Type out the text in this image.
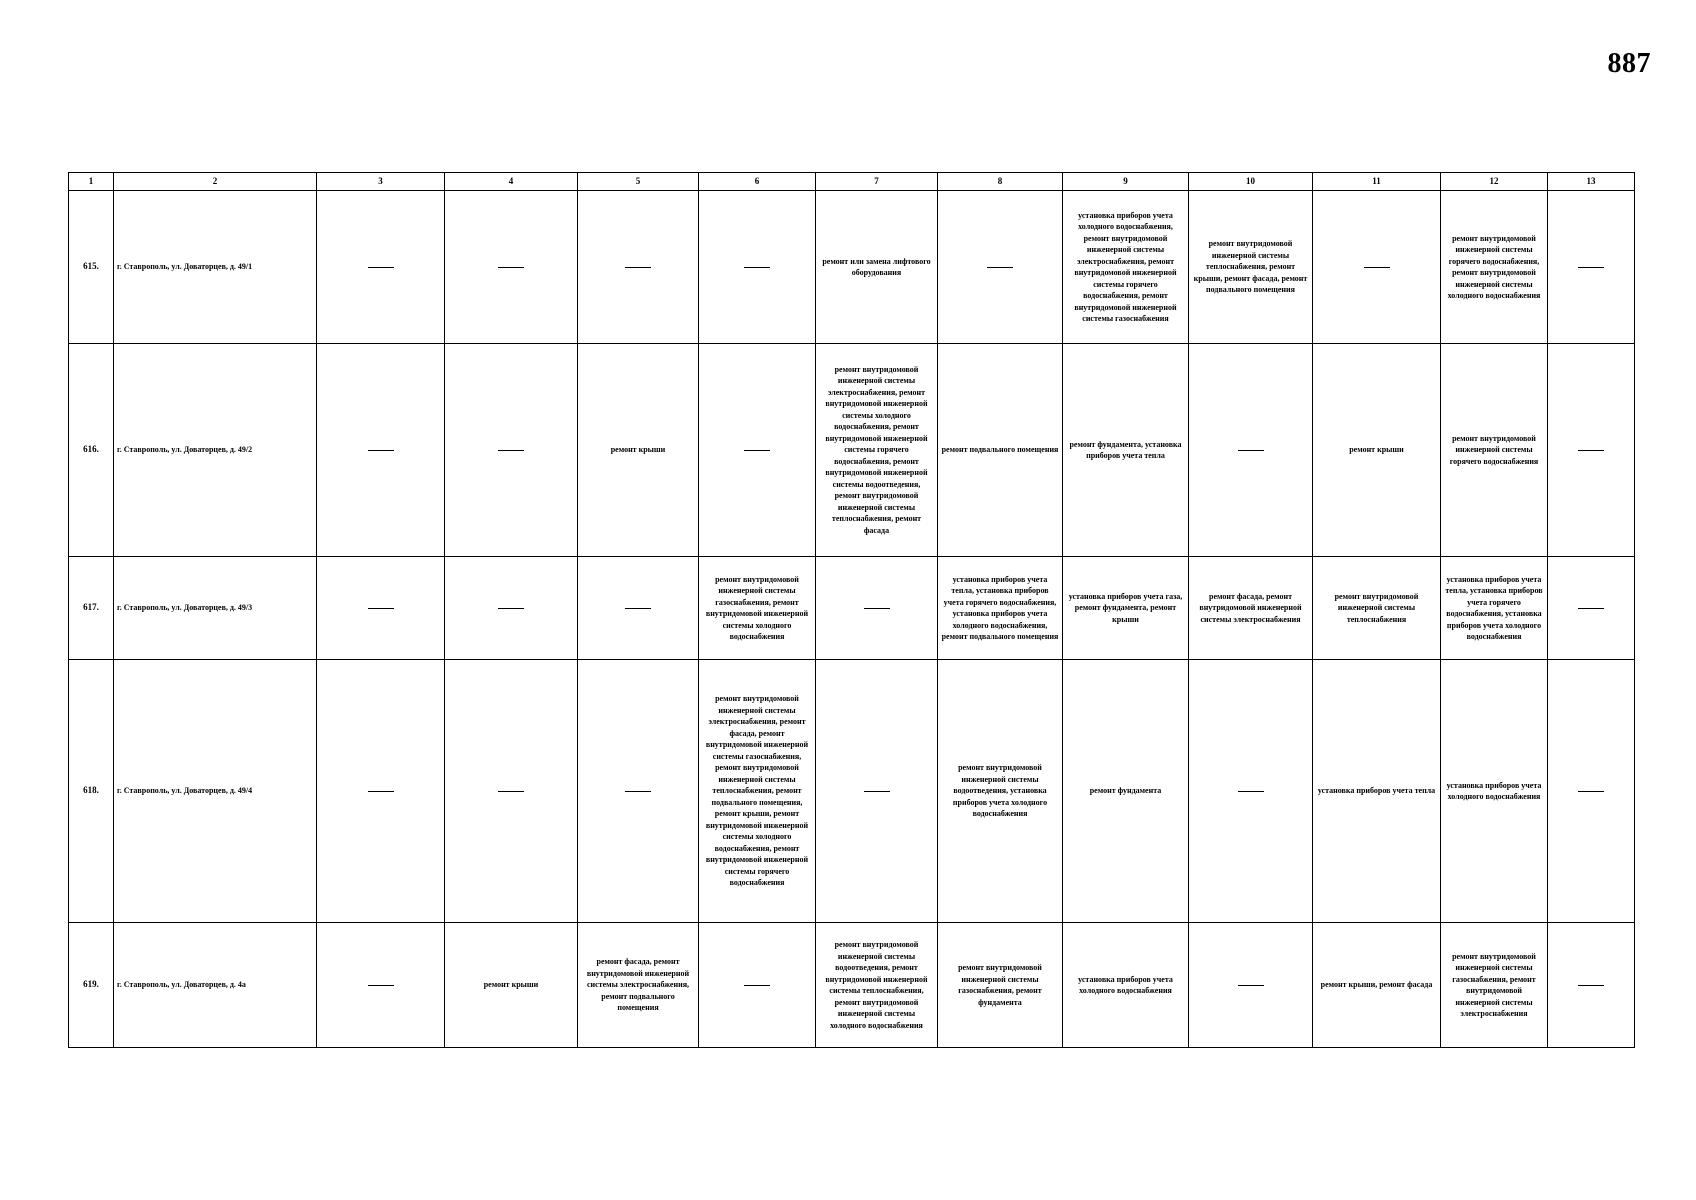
887
1	2	3	4	5	6	7	8	9	10	11	12	13
615.	г. Ставрополь, ул. Доваторцев, д. 49/1					ремонт или замена лифтового оборудования		установка приборов учета холодного водоснабжения, ремонт внутридомовой инженерной системы электроснабжения, ремонт внутридомовой инженерной системы горячего водоснабжения, ремонт внутридомовой инженерной системы газоснабжения	ремонт внутридомовой инженерной системы теплоснабжения, ремонт крыши, ремонт фасада, ремонт подвального помещения		ремонт внутридомовой инженерной системы горячего водоснабжения, ремонт внутридомовой инженерной системы холодного водоснабжения	
616.	г. Ставрополь, ул. Доваторцев, д. 49/2			ремонт крыши		ремонт внутридомовой инженерной системы электроснабжения, ремонт внутридомовой инженерной системы холодного водоснабжения, ремонт внутридомовой инженерной системы горячего водоснабжения, ремонт внутридомовой инженерной системы водоотведения, ремонт внутридомовой инженерной системы теплоснабжения, ремонт фасада	ремонт подвального помещения	ремонт фундамента, установка приборов учета тепла		ремонт крыши	ремонт внутридомовой инженерной системы горячего водоснабжения	
617.	г. Ставрополь, ул. Доваторцев, д. 49/3				ремонт внутридомовой инженерной системы газоснабжения, ремонт внутридомовой инженерной системы холодного водоснабжения		установка приборов учета тепла, установка приборов учета горячего водоснабжения, установка приборов учета холодного водоснабжения, ремонт подвального помещения	установка приборов учета газа, ремонт фундамента, ремонт крыши	ремонт фасада, ремонт внутридомовой инженерной системы электроснабжения	ремонт внутридомовой инженерной системы теплоснабжения	установка приборов учета тепла, установка приборов учета горячего водоснабжения, установка приборов учета холодного водоснабжения	
618.	г. Ставрополь, ул. Доваторцев, д. 49/4				ремонт внутридомовой инженерной системы электроснабжения, ремонт фасада, ремонт внутридомовой инженерной системы газоснабжения, ремонт внутридомовой инженерной системы теплоснабжения, ремонт подвального помещения, ремонт крыши, ремонт внутридомовой инженерной системы холодного водоснабжения, ремонт внутридомовой инженерной системы горячего водоснабжения		ремонт внутридомовой инженерной системы водоотведения, установка приборов учета холодного водоснабжения	ремонт фундамента		установка приборов учета тепла	установка приборов учета холодного водоснабжения	
619.	г. Ставрополь, ул. Доваторцев, д. 4а		ремонт крыши	ремонт фасада, ремонт внутридомовой инженерной системы электроснабжения, ремонт подвального помещения		ремонт внутридомовой инженерной системы водоотведения, ремонт внутридомовой инженерной системы теплоснабжения, ремонт внутридомовой инженерной системы холодного водоснабжения	ремонт внутридомовой инженерной системы газоснабжения, ремонт фундамента	установка приборов учета холодного водоснабжения		ремонт крыши, ремонт фасада	ремонт внутридомовой инженерной системы газоснабжения, ремонт внутридомовой инженерной системы электроснабжения	
